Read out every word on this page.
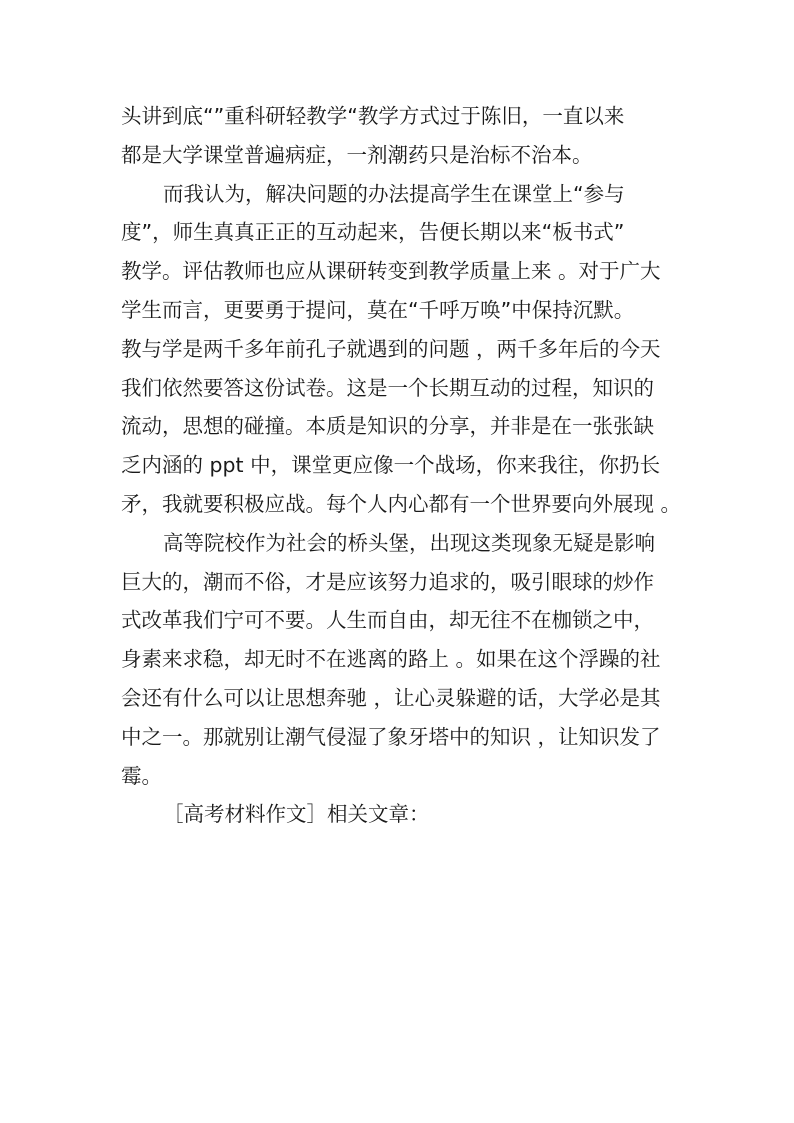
头讲到底“”重科研轻教学“教学方式过于陈旧，一直以来
都是大学课堂普遍病症，一剂潮药只是治标不治本。
而我认为，解决问题的办法提高学生在课堂上“参与
度”，师生真真正正的互动起来，告便长期以来“板书式”
教学。评估教师也应从课研转变到教学质量上来 。对于广大
学生而言，更要勇于提问，莫在“千呼万唤”中保持沉默。
教与学是两千多年前孔子就遇到的问题 ，两千多年后的今天
我们依然要答这份试卷。这是一个长期互动的过程，知识的
流动，思想的碰撞。本质是知识的分享，并非是在一张张缺
乏内涵的 ppt 中，课堂更应像一个战场，你来我往，你扔长
矛，我就要积极应战。每个人内心都有一个世界要向外展现 。
高等院校作为社会的桥头堡，出现这类现象无疑是影响
巨大的，潮而不俗，才是应该努力追求的，吸引眼球的炒作
式改革我们宁可不要。人生而自由，却无往不在枷锁之中，
身素来求稳，却无时不在逃离的路上 。如果在这个浮躁的社
会还有什么可以让思想奔驰 ，让心灵躲避的话，大学必是其
中之一。那就别让潮气侵湿了象牙塔中的知识 ，让知识发了
霉。
［高考材料作文］相关文章：
